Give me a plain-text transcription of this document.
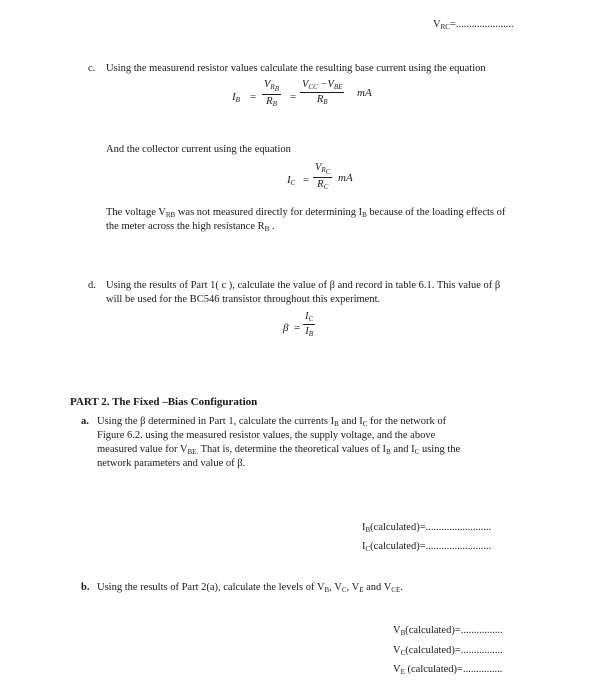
$V_{RC}=$......................
c. Using the measurend resistor values calculate the resulting base current using the equation
$I_B$ =
$V_{R_B}$
$R_B$
=
$V_{CC} -V_{BE}$
$R_B$
mA
And the collector current using the equation
$I_C$ =
$V_{R_C}$
$R_C$
mA
The voltage $V_{RB}$ was not measured directly for determining $I_B$ because of the loading effects of
the meter across the high resistance $R_B$ .
d. Using the results of Part 1( c ), calculate the value of β and record in table 6.1. This value of β
will be used for the BC546 transistor throughout this experiment.
$\beta = \frac{I_C}{I_B}$
PART 2. The Fixed –Bias Configuration
a. Using the β determined in Part 1, calculate the currents $I_B$ and $I_C$ for the network of
Figure 6.2. using the measured resistor values, the supply voltage, and the above
measured value for $V_{BE.}$ That is, determine the theoretical values of $I_B$ and $I_C$ using the
network parameters and value of β.
$I_B(calculated)=$.........................
$I_C(calculated)=$.........................
b. Using the results of Part 2(a), calculate the levels of $V_B$, $V_C$, $V_E$ and $V_{CE}$.
$V_B(calculated)=$................
$V_C(calculated)=$................
$V_E$ (calculated)=...............
